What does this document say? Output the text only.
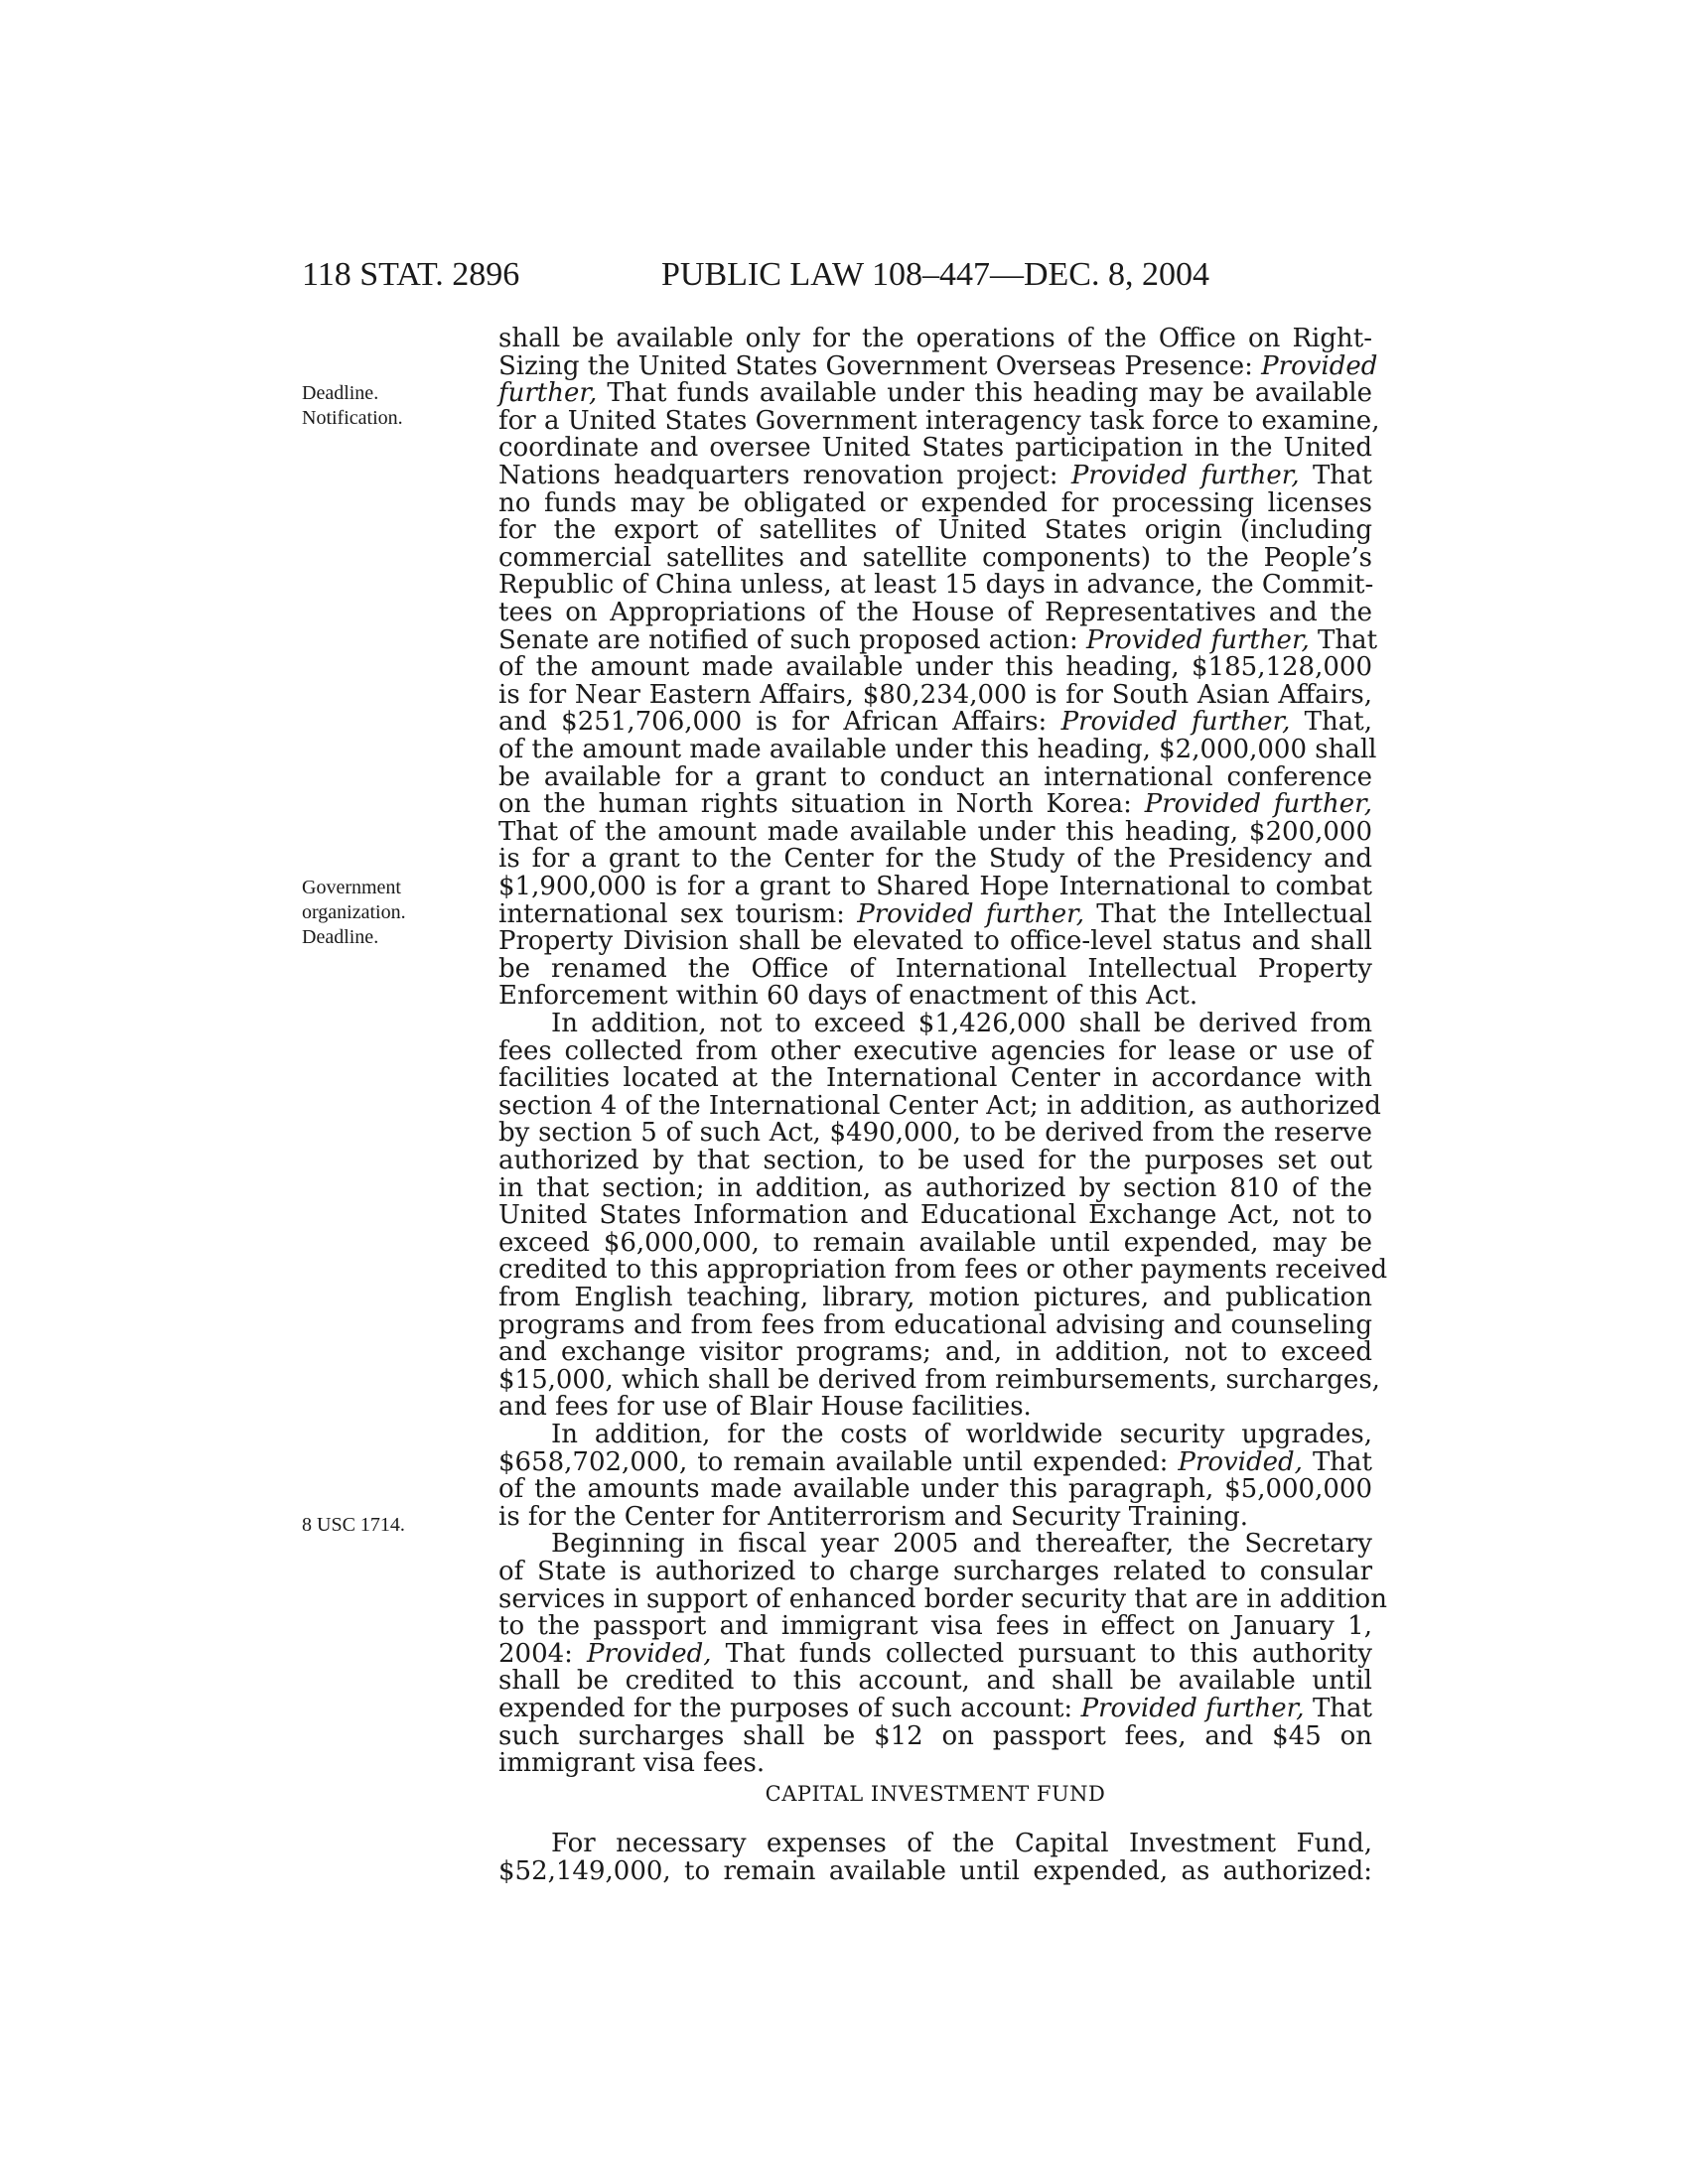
118 STAT. 2896	PUBLIC LAW 108–447—DEC. 8, 2004
Deadline.
Notification.
Government
organization.
Deadline.
8 USC 1714.
shall be available only for the operations of the Office on Right-
Sizing the United States Government Overseas Presence: Provided
further, That funds available under this heading may be available
for a United States Government interagency task force to examine,
coordinate and oversee United States participation in the United
Nations headquarters renovation project: Provided further, That
no funds may be obligated or expended for processing licenses
for the export of satellites of United States origin (including
commercial satellites and satellite components) to the People’s
Republic of China unless, at least 15 days in advance, the Commit-
tees on Appropriations of the House of Representatives and the
Senate are notified of such proposed action: Provided further, That
of the amount made available under this heading, $185,128,000
is for Near Eastern Affairs, $80,234,000 is for South Asian Affairs,
and $251,706,000 is for African Affairs: Provided further, That,
of the amount made available under this heading, $2,000,000 shall
be available for a grant to conduct an international conference
on the human rights situation in North Korea: Provided further,
That of the amount made available under this heading, $200,000
is for a grant to the Center for the Study of the Presidency and
$1,900,000 is for a grant to Shared Hope International to combat
international sex tourism: Provided further, That the Intellectual
Property Division shall be elevated to office-level status and shall
be renamed the Office of International Intellectual Property
Enforcement within 60 days of enactment of this Act.
In addition, not to exceed $1,426,000 shall be derived from
fees collected from other executive agencies for lease or use of
facilities located at the International Center in accordance with
section 4 of the International Center Act; in addition, as authorized
by section 5 of such Act, $490,000, to be derived from the reserve
authorized by that section, to be used for the purposes set out
in that section; in addition, as authorized by section 810 of the
United States Information and Educational Exchange Act, not to
exceed $6,000,000, to remain available until expended, may be
credited to this appropriation from fees or other payments received
from English teaching, library, motion pictures, and publication
programs and from fees from educational advising and counseling
and exchange visitor programs; and, in addition, not to exceed
$15,000, which shall be derived from reimbursements, surcharges,
and fees for use of Blair House facilities.
In addition, for the costs of worldwide security upgrades,
$658,702,000, to remain available until expended: Provided, That
of the amounts made available under this paragraph, $5,000,000
is for the Center for Antiterrorism and Security Training.
Beginning in fiscal year 2005 and thereafter, the Secretary
of State is authorized to charge surcharges related to consular
services in support of enhanced border security that are in addition
to the passport and immigrant visa fees in effect on January 1,
2004: Provided, That funds collected pursuant to this authority
shall be credited to this account, and shall be available until
expended for the purposes of such account: Provided further, That
such surcharges shall be $12 on passport fees, and $45 on
immigrant visa fees.
CAPITAL INVESTMENT FUND
For necessary expenses of the Capital Investment Fund,
$52,149,000, to remain available until expended, as authorized:
